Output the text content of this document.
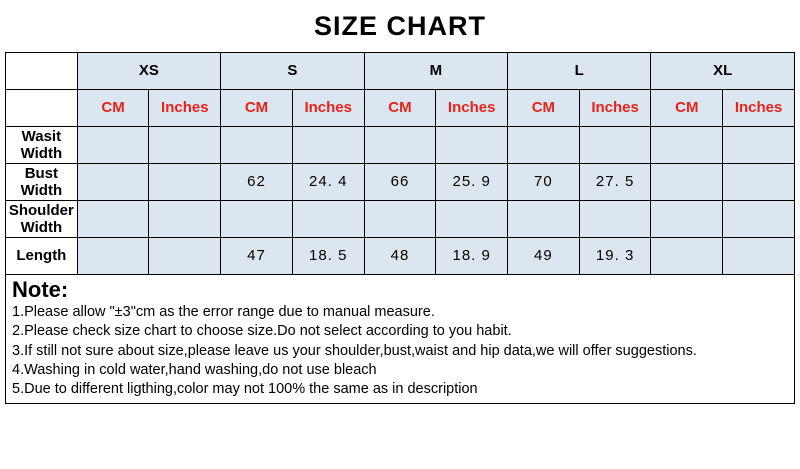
SIZE CHART
	XS		S		M		L		XL	
	CM	Inches	CM	Inches	CM	Inches	CM	Inches	CM	Inches
Wasit Width										
Bust Width			62	24. 4	66	25. 9	70	27. 5		
Shoulder Width										
Length			47	18. 5	48	18. 9	49	19. 3		
Note:
1.Please allow "±3"cm as the error range due to manual measure.
2.Please check size chart to choose size.Do not select according to you habit.
3.If still not sure about size,please leave us your shoulder,bust,waist and hip data,we will offer suggestions.
4.Washing in cold water,hand washing,do not use bleach
5.Due to different ligthing,color may not 100% the same as in description
